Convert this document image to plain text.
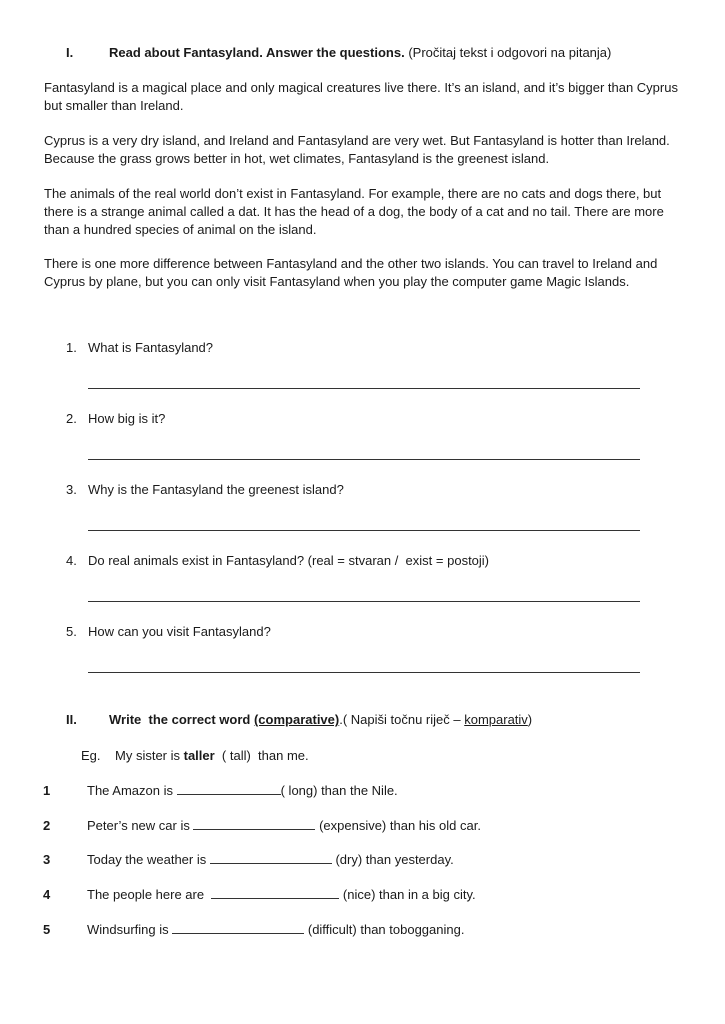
I.	Read about Fantasyland. Answer the questions. (Pročitaj tekst i odgovori na pitanja)

Fantasyland is a magical place and only magical creatures live there. It’s an island, and it’s bigger than Cyprus but smaller than Ireland.

Cyprus is a very dry island, and Ireland and Fantasyland are very wet. But Fantasyland is hotter than Ireland. Because the grass grows better in hot, wet climates, Fantasyland is the greenest island.

The animals of the real world don’t exist in Fantasyland. For example, there are no cats and dogs there, but there is a strange animal called a dat. It has the head of a dog, the body of a cat and no tail. There are more than a hundred species of animal on the island.

There is one more difference between Fantasyland and the other two islands. You can travel to Ireland and Cyprus by plane, but you can only visit Fantasyland when you play the computer game Magic Islands.

1. What is Fantasyland?
2. How big is it?
3. Why is the Fantasyland the greenest island?
4. Do real animals exist in Fantasyland? (real = stvaran /  exist = postoji)
5. How can you visit Fantasyland?
II. Write  the correct word (comparative).( Napiši točnu riječ – komparativ)
Eg. My sister is taller  ( tall)  than me.
1	The Amazon is	( long) than the Nile.
2	Peter’s new car is	(expensive) than his old car.
3	Today the weather is	(dry) than yesterday.
4	The people here are	(nice) than in a big city.
5	Windsurfing is	(difficult) than tobogganing.
